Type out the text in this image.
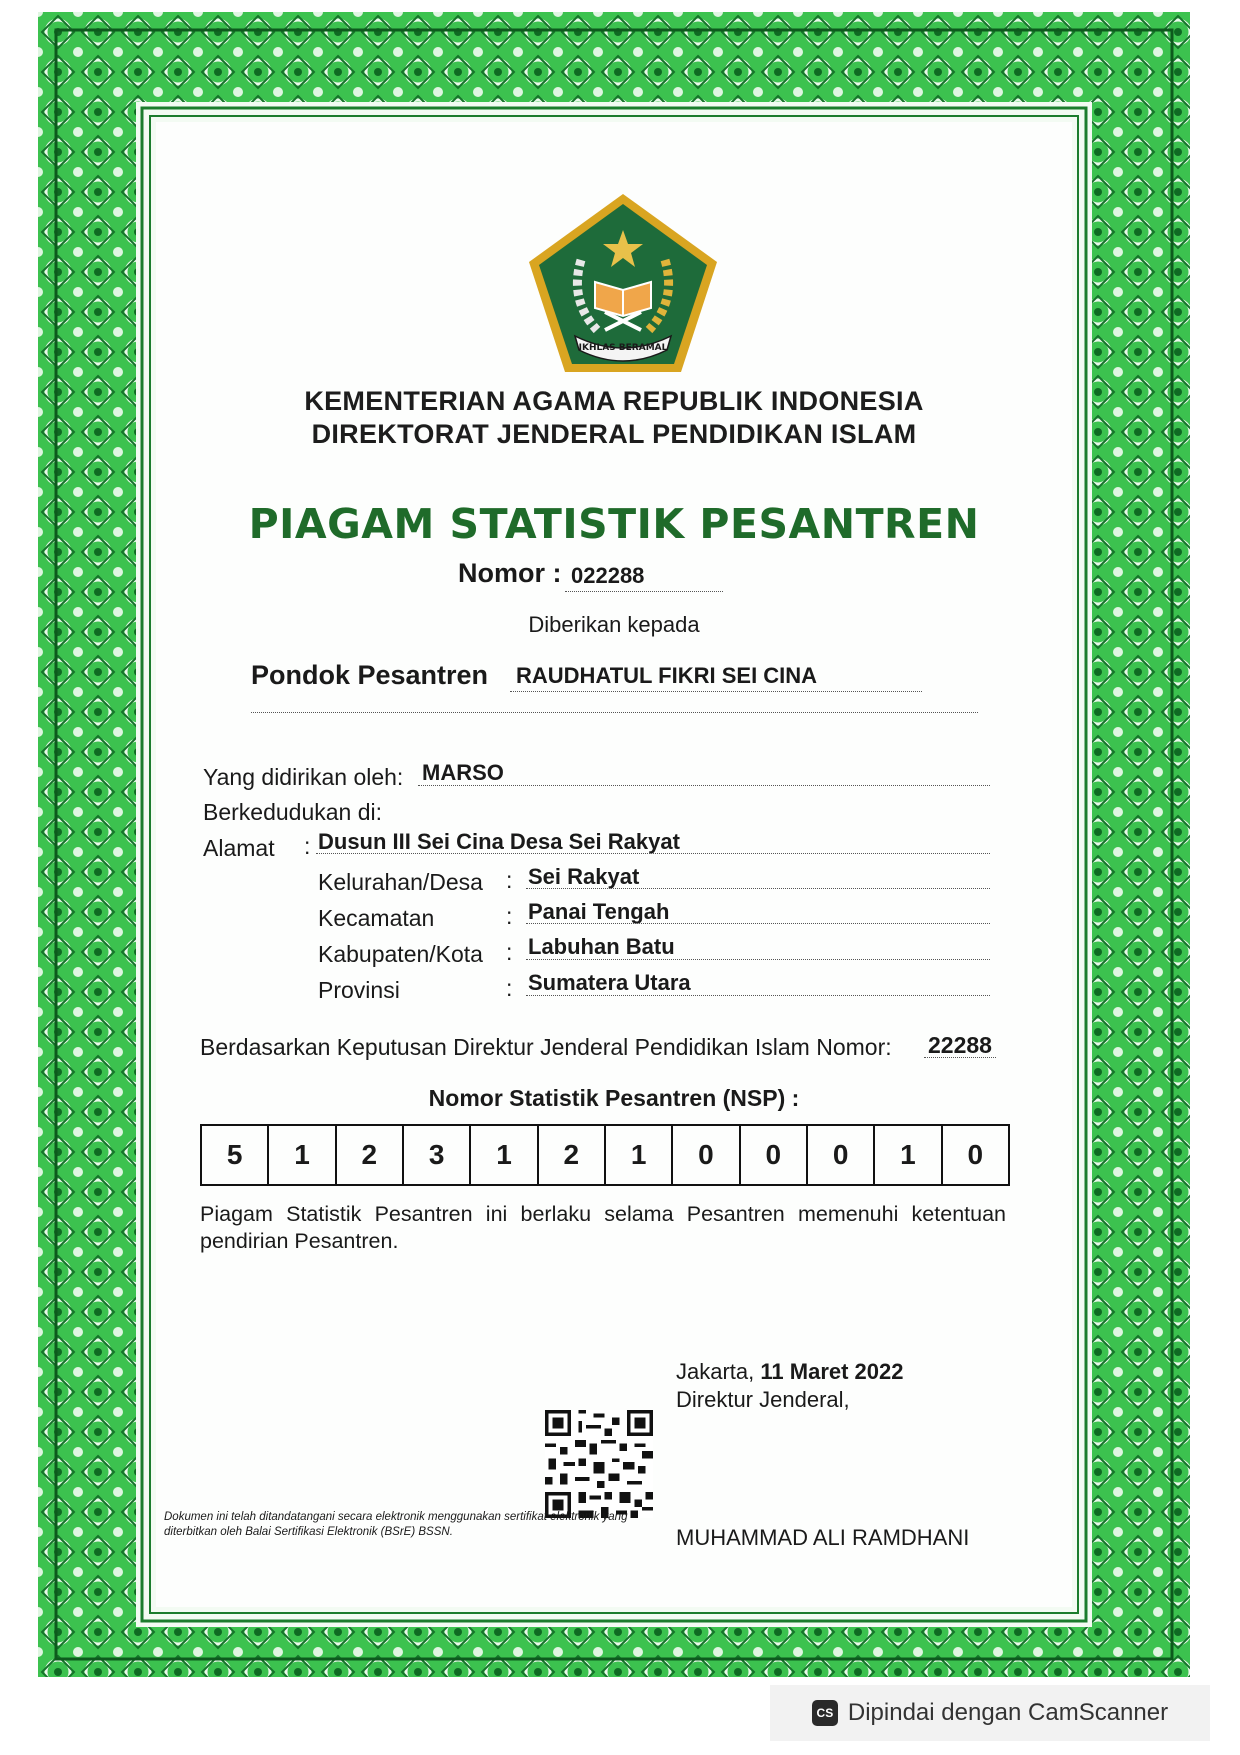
IKHLAS BERAMAL
KEMENTERIAN AGAMA REPUBLIK INDONESIA
DIREKTORAT JENDERAL PENDIDIKAN ISLAM
PIAGAM STATISTIK PESANTREN
Nomor : 022288
Diberikan kepada
Pondok Pesantren RAUDHATUL FIKRI SEI CINA
Yang didirikan oleh: MARSO
Berkedudukan di:
Alamat : Dusun III Sei Cina Desa Sei Rakyat
Kelurahan/Desa : Sei Rakyat
Kecamatan	: Panai Tengah
Kabupaten/Kota : Labuhan Batu
Provinsi	: Sumatera Utara
Berdasarkan Keputusan Direktur Jenderal Pendidikan Islam Nomor: 22288
Nomor Statistik Pesantren (NSP) :
5	1	2	3	1	2	1	0	0	0	1	0
Piagam Statistik Pesantren ini berlaku selama Pesantren memenuhi ketentuan pendirian Pesantren.
Jakarta, 11 Maret 2022
Direktur Jenderal,
MUHAMMAD ALI RAMDHANI
Dokumen ini telah ditandatangani secara elektronik menggunakan sertifikat elektronik yang diterbitkan oleh Balai Sertifikasi Elektronik (BSrE) BSSN.
CS Dipindai dengan CamScanner
